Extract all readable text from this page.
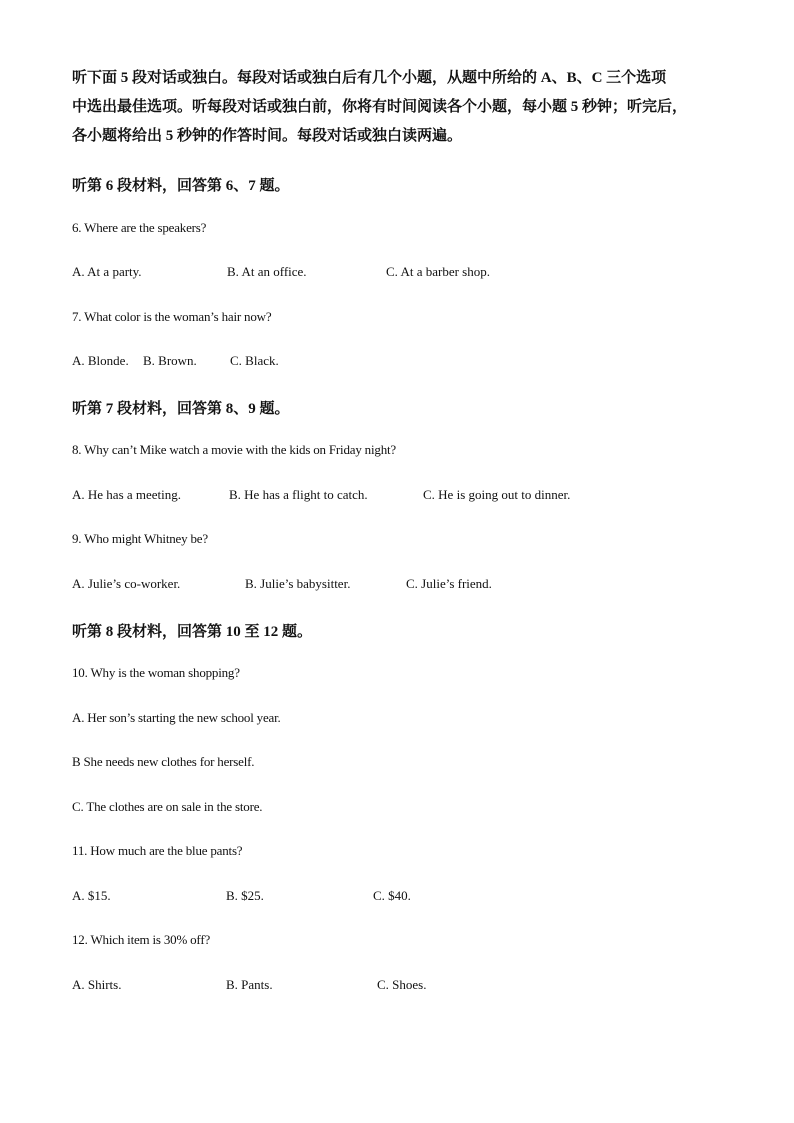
听下面 5 段对话或独白。每段对话或独白后有几个小题，从题中所给的 A、B、C 三个选项
中选出最佳选项。听每段对话或独白前，你将有时间阅读各个小题，每小题 5 秒钟；听完后，
各小题将给出 5 秒钟的作答时间。每段对话或独白读两遍。
听第 6 段材料，回答第 6、7 题。
6. Where are the speakers?
A. At a party.	B. At an office.	C. At a barber shop.
7. What color is the woman’s hair now?
A. Blonde. B. Brown.	C. Black.
听第 7 段材料，回答第 8、9 题。
8. Why can’t Mike watch a movie with the kids on Friday night?
A. He has a meeting.	B. He has a flight to catch.	C. He is going out to dinner.
9. Who might Whitney be?
A. Julie’s co-worker.	B. Julie’s babysitter.	C. Julie’s friend.
听第 8 段材料，回答第 10 至 12 题。
10. Why is the woman shopping?
A. Her son’s starting the new school year.
B She needs new clothes for herself.
C. The clothes are on sale in the store.
11. How much are the blue pants?
A. $15.	B. $25.	C. $40.
12. Which item is 30% off?
A. Shirts.	B. Pants.	C. Shoes.
